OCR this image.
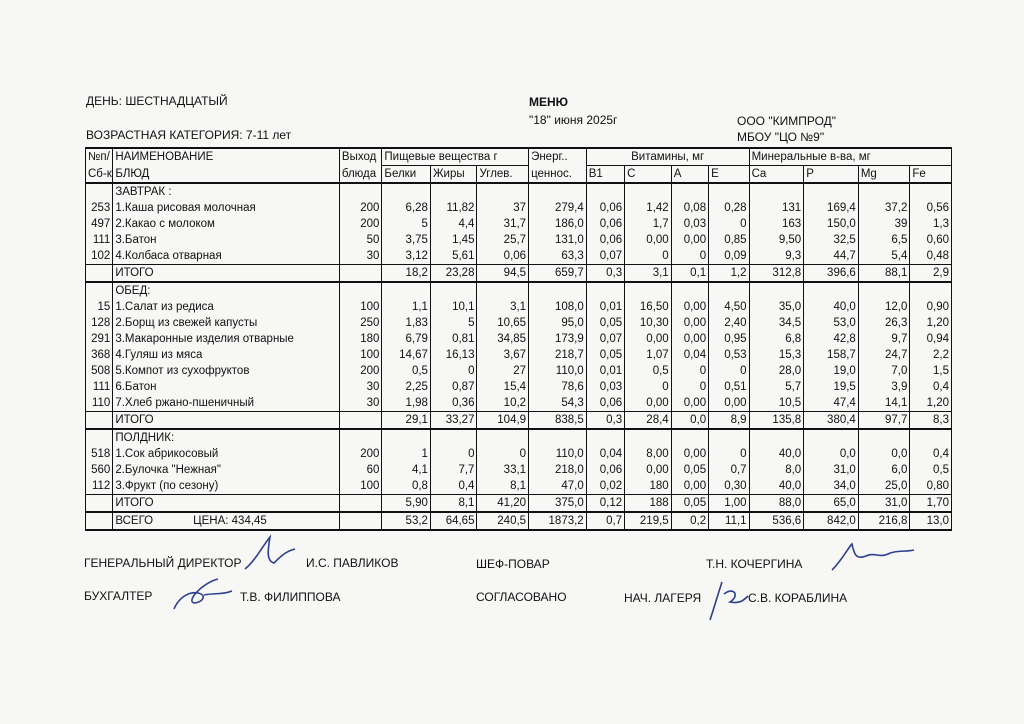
ДЕНЬ: ШЕСТНАДЦАТЫЙ	МЕНЮ
"18" июня 2025г	ООО "КИМПРОД"
МБОУ "ЦО №9"
ВОЗРАСТНАЯ КАТЕГОРИЯ: 7-11 лет
№п/	НАИМЕНОВАНИЕ	Выход	Пищевые вещества г			Энерг..	Витамины, мг				Минеральные в-ва, мг			
Сб-к	БЛЮД	блюда	Белки	Жиры	Углев.	ценнос.	B1	C	A	E	Ca	P	Mg	Fe
	ЗАВТРАК :													
253	1.Каша рисовая молочная	200	6,28	11,82	37	279,4	0,06	1,42	0,08	0,28	131	169,4	37,2	0,56
497	2.Какао с молоком	200	5	4,4	31,7	186,0	0,06	1,7	0,03	0	163	150,0	39	1,3
111	3.Батон	50	3,75	1,45	25,7	131,0	0,06	0,00	0,00	0,85	9,50	32,5	6,5	0,60
102	4.Колбаса отварная	30	3,12	5,61	0,06	63,3	0,07	0	0	0,09	9,3	44,7	5,4	0,48
	ИТОГО		18,2	23,28	94,5	659,7	0,3	3,1	0,1	1,2	312,8	396,6	88,1	2,9
	ОБЕД:													
15	1.Салат из редиса	100	1,1	10,1	3,1	108,0	0,01	16,50	0,00	4,50	35,0	40,0	12,0	0,90
128	2.Борщ из свежей капусты	250	1,83	5	10,65	95,0	0,05	10,30	0,00	2,40	34,5	53,0	26,3	1,20
291	3.Макаронные изделия отварные	180	6,79	0,81	34,85	173,9	0,07	0,00	0,00	0,95	6,8	42,8	9,7	0,94
368	4.Гуляш из мяса	100	14,67	16,13	3,67	218,7	0,05	1,07	0,04	0,53	15,3	158,7	24,7	2,2
508	5.Компот из сухофруктов	200	0,5	0	27	110,0	0,01	0,5	0	0	28,0	19,0	7,0	1,5
111	6.Батон	30	2,25	0,87	15,4	78,6	0,03	0	0	0,51	5,7	19,5	3,9	0,4
110	7.Хлеб ржано-пшеничный	30	1,98	0,36	10,2	54,3	0,06	0,00	0,00	0,00	10,5	47,4	14,1	1,20
	ИТОГО		29,1	33,27	104,9	838,5	0,3	28,4	0,0	8,9	135,8	380,4	97,7	8,3
	ПОЛДНИК:													
518	1.Сок абрикосовый	200	1	0	0	110,0	0,04	8,00	0,00	0	40,0	0,0	0,0	0,4
560	2.Булочка "Нежная"	60	4,1	7,7	33,1	218,0	0,06	0,00	0,05	0,7	8,0	31,0	6,0	0,5
112	3.Фрукт (по сезону)	100	0,8	0,4	8,1	47,0	0,02	180	0,00	0,30	40,0	34,0	25,0	0,80
	ИТОГО		5,90	8,1	41,20	375,0	0,12	188	0,05	1,00	88,0	65,0	31,0	1,70
	ВСЕГО ЦЕНА: 434,45		53,2	64,65	240,5	1873,2	0,7	219,5	0,2	11,1	536,6	842,0	216,8	13,0
ГЕНЕРАЛЬНЫЙ ДИРЕКТОР	И.С. ПАВЛИКОВ	ШЕФ-ПОВАР	Т.Н. КОЧЕРГИНА
БУХГАЛТЕР	Т.В. ФИЛИППОВА	СОГЛАСОВАНО	НАЧ. ЛАГЕРЯ	С.В. КОРАБЛИНА
